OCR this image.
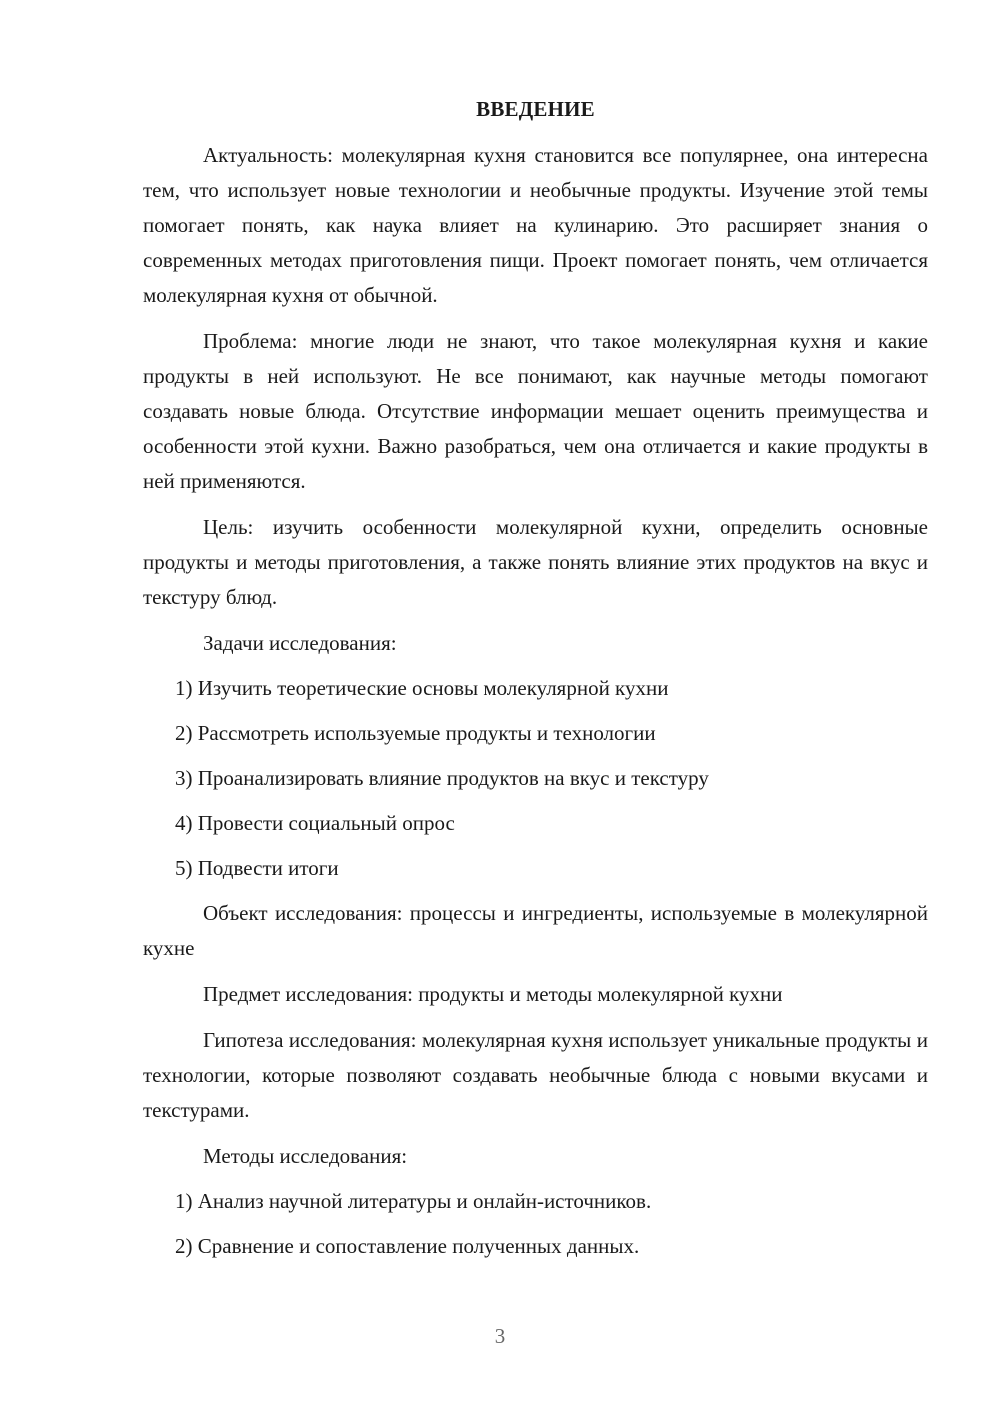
ВВЕДЕНИЕ

Актуальность: молекулярная кухня становится все популярнее, она интересна тем, что использует новые технологии и необычные продукты. Изучение этой темы помогает понять, как наука влияет на кулинарию. Это расширяет знания о современных методах приготовления пищи. Проект помогает понять, чем отличается молекулярная кухня от обычной.

Проблема: многие люди не знают, что такое молекулярная кухня и какие продукты в ней используют. Не все понимают, как научные методы помогают создавать новые блюда. Отсутствие информации мешает оценить преимущества и особенности этой кухни. Важно разобраться, чем она отличается и какие продукты в ней применяются.

Цель: изучить особенности молекулярной кухни, определить основные продукты и методы приготовления, а также понять влияние этих продуктов на вкус и текстуру блюд.

Задачи исследования:
1) Изучить теоретические основы молекулярной кухни
2) Рассмотреть используемые продукты и технологии
3) Проанализировать влияние продуктов на вкус и текстуру
4) Провести социальный опрос
5) Подвести итоги

Объект исследования: процессы и ингредиенты, используемые в молекулярной кухне

Предмет исследования: продукты и методы молекулярной кухни

Гипотеза исследования: молекулярная кухня использует уникальные продукты и технологии, которые позволяют создавать необычные блюда с новыми вкусами и текстурами.

Методы исследования:
1) Анализ научной литературы и онлайн-источников.
2) Сравнение и сопоставление полученных данных.
3
